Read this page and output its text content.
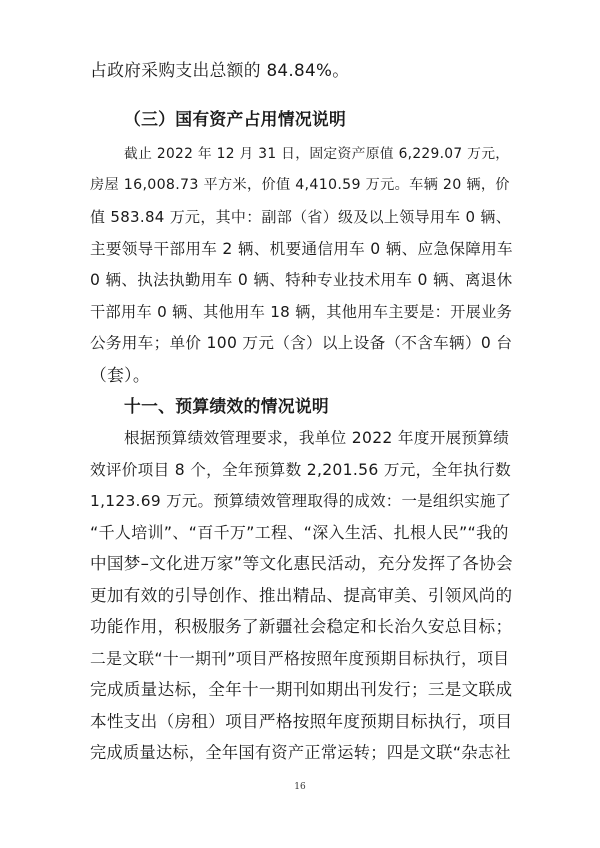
占政府采购支出总额的 84.84%。
（三）国有资产占用情况说明
截止 2022 年 12 月 31 日，固定资产原值 6,229.07 万元，
房屋 16,008.73 平方米，价值 4,410.59 万元。车辆 20 辆，价
值 583.84 万元，其中：副部（省）级及以上领导用车 0 辆、
主要领导干部用车 2 辆、机要通信用车 0 辆、应急保障用车
0 辆、执法执勤用车 0 辆、特种专业技术用车 0 辆、离退休
干部用车 0 辆、其他用车 18 辆，其他用车主要是：开展业务
公务用车；单价 100 万元（含）以上设备（不含车辆）0 台
（套）。
十一、预算绩效的情况说明
根据预算绩效管理要求，我单位 2022 年度开展预算绩
效评价项目 8 个，全年预算数 2,201.56 万元，全年执行数
1,123.69 万元。预算绩效管理取得的成效：一是组织实施了
“千人培训”、“百千万”工程、“深入生活、扎根人民”“我的
中国梦–文化进万家”等文化惠民活动，充分发挥了各协会
更加有效的引导创作、推出精品、提高审美、引领风尚的
功能作用，积极服务了新疆社会稳定和长治久安总目标；
二是文联“十一期刊”项目严格按照年度预期目标执行，项目
完成质量达标，全年十一期刊如期出刊发行；三是文联成
本性支出（房租）项目严格按照年度预期目标执行，项目
完成质量达标，全年国有资产正常运转；四是文联“杂志社
16
